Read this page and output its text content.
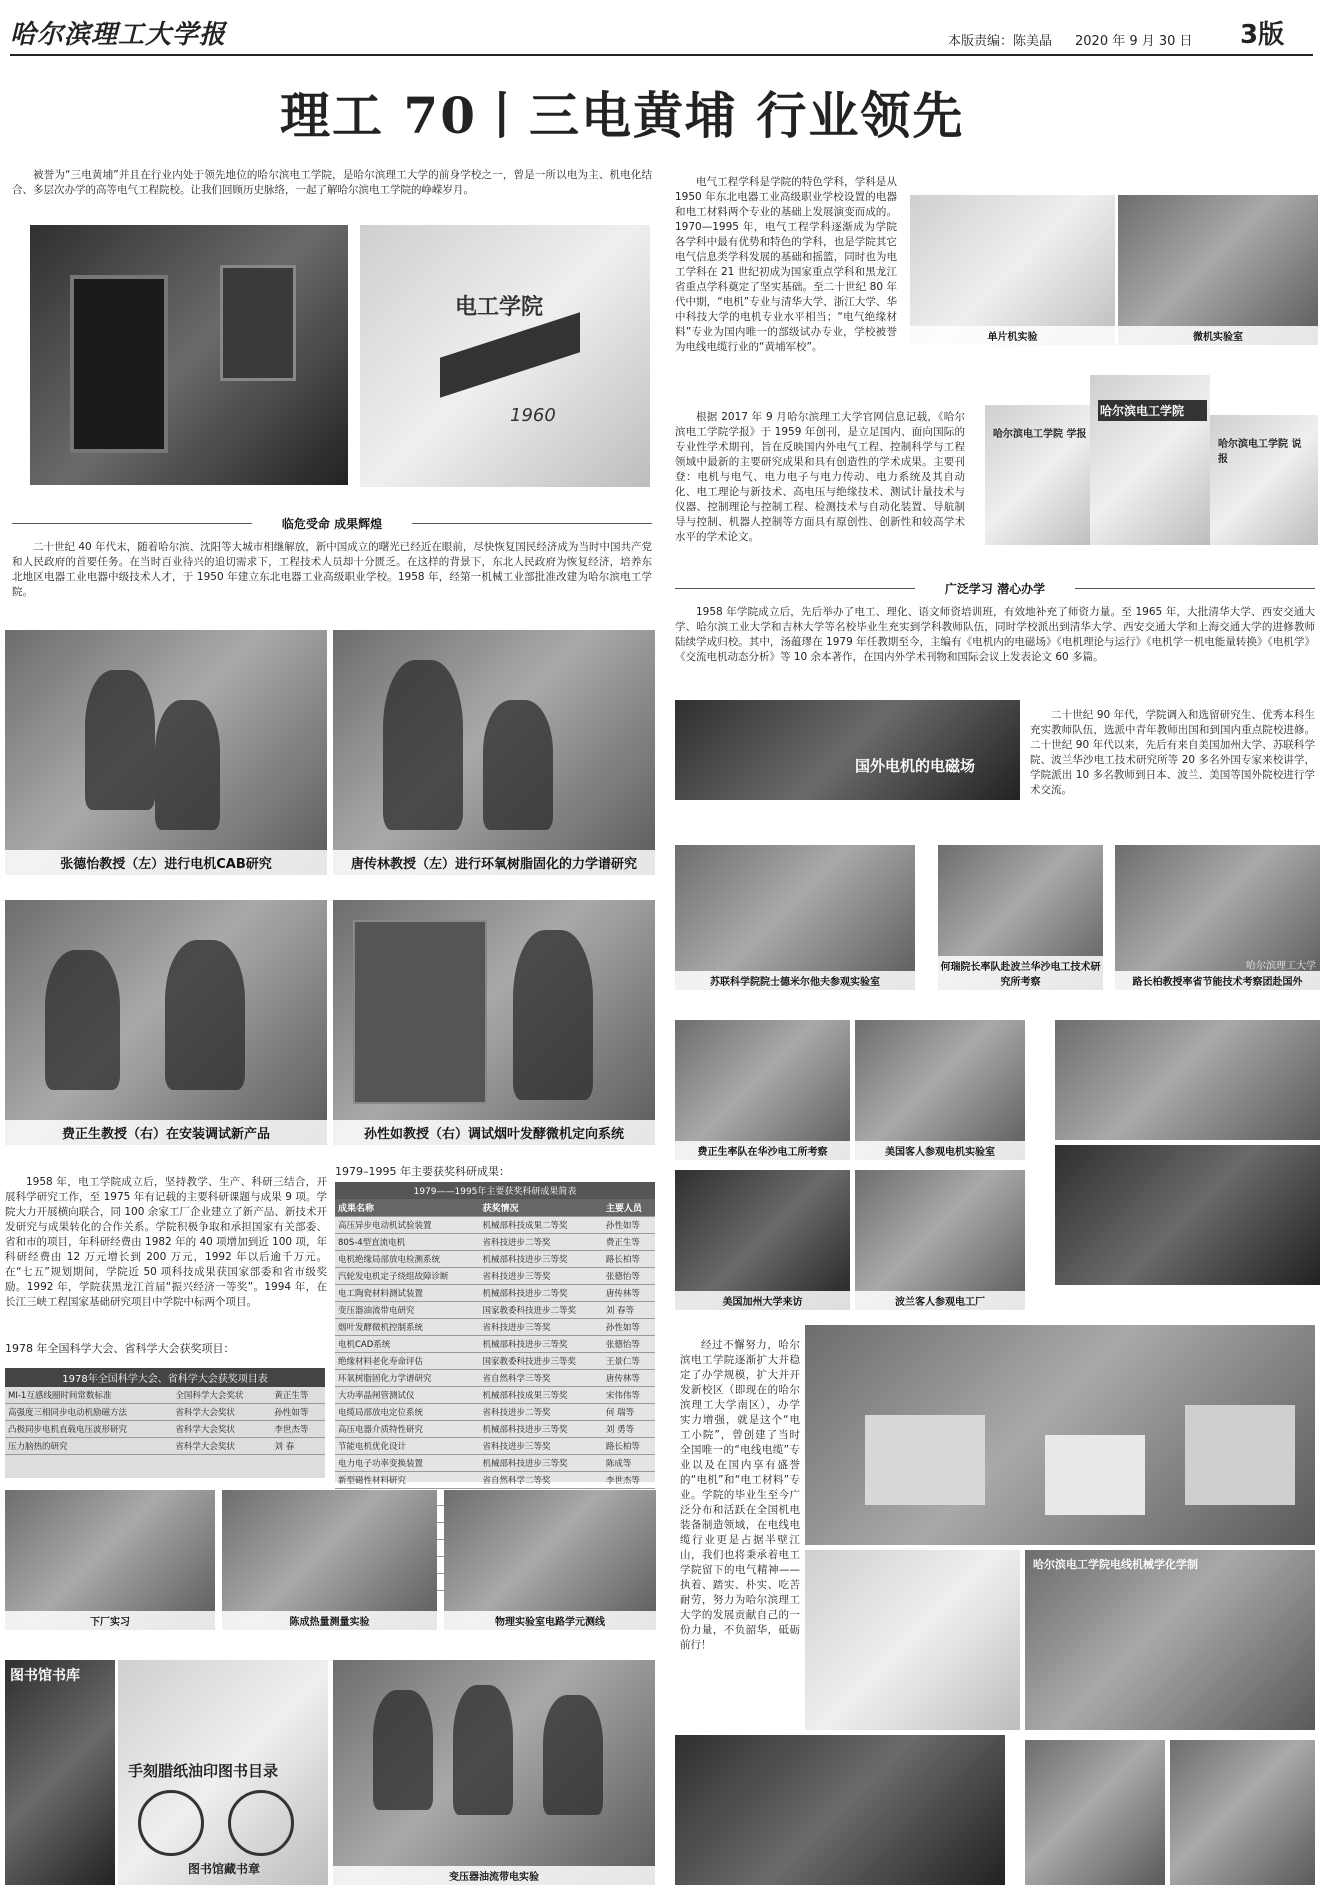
哈尔滨理工大学报	本版责编：陈美晶 2020 年 9 月 30 日 3版
理工 70丨三电黄埔 行业领先
被誉为“三电黄埔”并且在行业内处于领先地位的哈尔滨电工学院，是哈尔滨理工大学的前身学校之一，曾是一所以电为主、机电化结合、多层次办学的高等电气工程院校。让我们回顾历史脉络，一起了解哈尔滨电工学院的峥嵘岁月。
电工学院
1960
临危受命 成果辉煌
二十世纪 40 年代末，随着哈尔滨、沈阳等大城市相继解放，新中国成立的曙光已经近在眼前，尽快恢复国民经济成为当时中国共产党和人民政府的首要任务。在当时百业待兴的追切需求下，工程技术人员却十分匮乏。在这样的背景下，东北人民政府为恢复经济，培养东北地区电器工业电器中级技术人才，于 1950 年建立东北电器工业高级职业学校。1958 年，经第一机械工业部批准改建为哈尔滨电工学院。
张德怡教授（左）进行电机CAB研究	唐传林教授（左）进行环氧树脂固化的力学谱研究
费正生教授（右）在安装调试新产品	孙性如教授（右）调试烟叶发酵微机定向系统
1958 年，电工学院成立后，坚持教学、生产、科研三结合，开展科学研究工作，至 1975 年有记载的主要科研课题与成果 9 项。学院大力开展横向联合，同 100 余家工厂企业建立了新产品、新技术开发研究与成果转化的合作关系。学院积极争取和承担国家有关部委、省和市的项目，年科研经费由 1982 年的 40 项增加到近 100 项，年科研经费由 12 万元增长到 200 万元，1992 年以后逾千万元。在“七五”规划期间，学院近 50 项科技成果获国家部委和省市级奖励。1992 年，学院获黑龙江首届“振兴经济一等奖”。1994 年，在长江三峡工程国家基础研究项目中学院中标两个项目。
1978 年全国科学大会、省科学大会获奖项目：
1978年全国科学大会、省科学大会获奖项目表
MI-1互感线圈时间常数标准	全国科学大会奖状	黄正生等
高强度三相同步电动机励磁方法	省科学大会奖状	孙性如等
凸极同步电机直载电压波形研究	省科学大会奖状	李世杰等
压力脑热的研究	省科学大会奖状	刘 春
1979–1995 年主要获奖科研成果：
1979——1995年主要获奖科研成果简表
成果名称	获奖情况	主要人员
高压异步电动机试验装置	机械部科技成果二等奖	孙性如等
80S-4型直流电机	省科技进步二等奖	费正生等
电机绝缘局部放电检测系统	机械部科技进步三等奖	路长柏等
汽轮发电机定子绕组故障诊断	省科技进步三等奖	张德怡等
电工陶瓷材料测试装置	机械部科技进步二等奖	唐传林等
变压器油流带电研究	国家教委科技进步二等奖	刘 春等
烟叶发酵微机控制系统	省科技进步三等奖	孙性如等
电机CAD系统	机械部科技进步三等奖	张德怡等
绝缘材料老化寿命评估	国家教委科技进步三等奖	王景仁等
环氧树脂固化力学谱研究	省自然科学三等奖	唐传林等
大功率晶闸管测试仪	机械部科技成果三等奖	宋伟伟等
电缆局部放电定位系统	省科技进步二等奖	何 瑞等
高压电器介质特性研究	机械部科技进步三等奖	刘 勇等
节能电机优化设计	省科技进步三等奖	路长柏等
电力电子功率变换装置	机械部科技进步三等奖	陈成等
新型磁性材料研究	省自然科学二等奖	李世杰等

下厂实习	陈成热量测量实验	物理实验室电路学元测线
图书馆书库
手刻腊纸油印图书目录
图书馆藏书章
变压器油流带电实验
电气工程学科是学院的特色学科，学科是从 1950 年东北电器工业高级职业学校设置的电器和电工材料两个专业的基础上发展演变而成的。1970—1995 年，电气工程学科逐渐成为学院各学科中最有优势和特色的学科，也是学院其它电气信息类学科发展的基础和摇篮，同时也为电工学科在 21 世纪初成为国家重点学科和黑龙江省重点学科奠定了坚实基础。至二十世纪 80 年代中期，“电机”专业与清华大学、浙江大学、华中科技大学的电机专业水平相当；“电气绝缘材料”专业为国内唯一的部级试办专业，学校被誉为电线电缆行业的“黄埔军校”。
单片机实验	微机实验室
根据 2017 年 9 月哈尔滨理工大学官网信息记载，《哈尔滨电工学院学报》于 1959 年创刊，是立足国内、面向国际的专业性学术期刊，旨在反映国内外电气工程、控制科学与工程领域中最新的主要研究成果和具有创造性的学术成果。主要刊登：电机与电气、电力电子与电力传动、电力系统及其自动化、电工理论与新技术、高电压与绝缘技术、测试计量技术与仪器、控制理论与控制工程、检测技术与自动化装置、导航制导与控制、机器人控制等方面具有原创性、创新性和较高学术水平的学术论文。
哈尔滨电工学院 学报
哈尔滨电工学院
哈尔滨电工学院 说报
广泛学习 潜心办学
1958 年学院成立后，先后举办了电工、理化、语文师资培训班，有效地补充了师资力量。至 1965 年，大批清华大学、西安交通大学、哈尔滨工业大学和吉林大学等名校毕业生充实到学科教师队伍，同时学校派出到清华大学、西安交通大学和上海交通大学的进修教师陆续学成归校。其中，汤蕴璆在 1979 年任教期至今，主编有《电机内的电磁场》《电机理论与运行》《电机学一机电能量转换》《电机学》《交流电机动态分析》等 10 余本著作，在国内外学术刊物和国际会议上发表论文 60 多篇。
国外电机的电磁场
二十世纪 90 年代，学院调入和选留研究生、优秀本科生充实教师队伍，选派中青年教师出国和到国内重点院校进修。二十世纪 90 年代以来，先后有来自美国加州大学、苏联科学院、波兰华沙电工技术研究所等 20 多名外国专家来校讲学，学院派出 10 多名教师到日本、波兰、美国等国外院校进行学术交流。
苏联科学院院士德米尔他夫参观实验室
何瑞院长率队赴波兰华沙电工技术研究所考察	路长柏教授率省节能技术考察团赴国外
哈尔滨理工大学
费正生率队在华沙电工所考察	美国客人参观电机实验室
美国加州大学来访	波兰客人参观电工厂
经过不懈努力，哈尔滨电工学院逐渐扩大并稳定了办学规模，扩大并开发新校区（即现在的哈尔滨理工大学南区），办学实力增强，就是这个“电工小院”，曾创建了当时全国唯一的“电线电缆”专业以及在国内享有盛誉的“电机”和“电工材料”专业。学院的毕业生至今广泛分布和活跃在全国机电装备制造领域，在电线电缆行业更是占据半壁江山，我们也将秉承着电工学院留下的电气精神——执着、踏实、朴实、吃苦耐劳，努力为哈尔滨理工大学的发展贡献自己的一份力量，不负韶华，砥砺前行！
哈尔滨电工学院电线机械学化学制
